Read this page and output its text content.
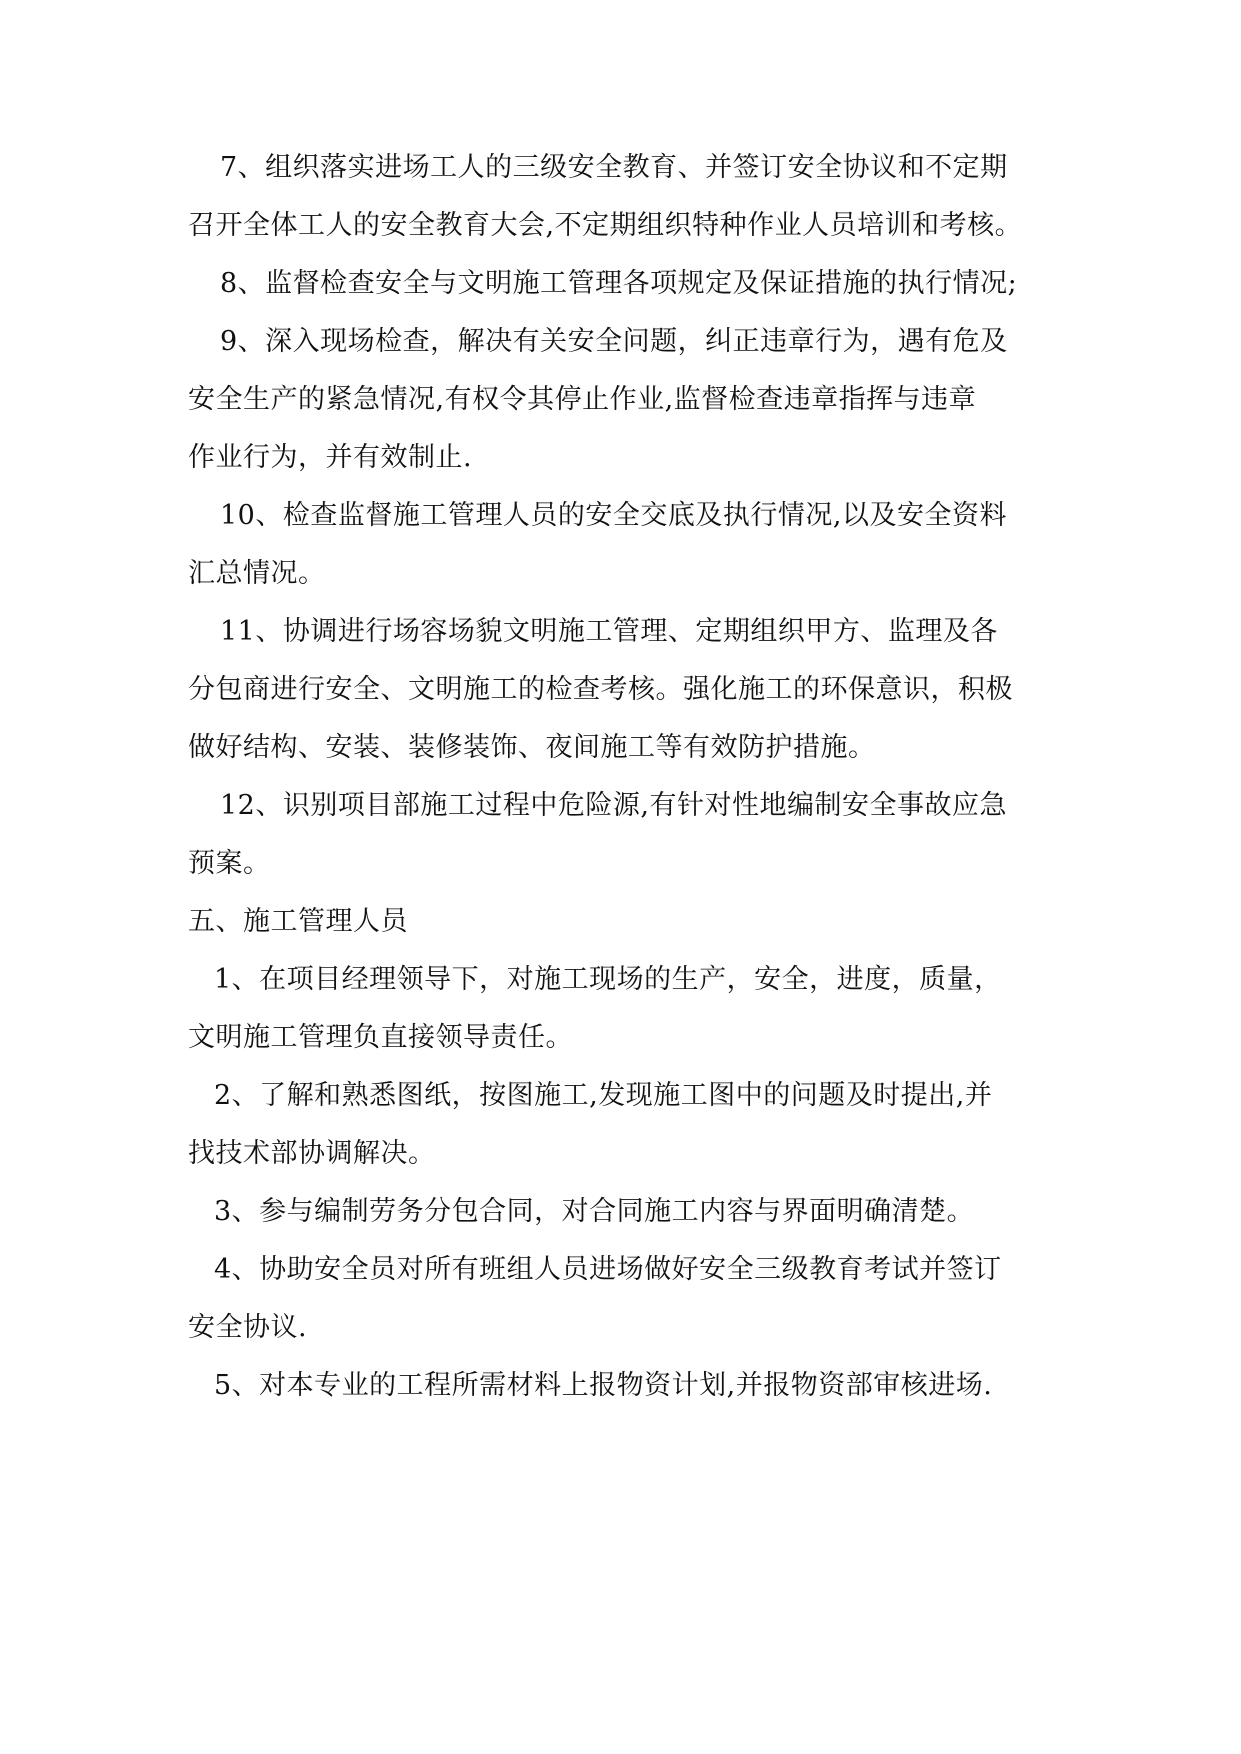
7、组织落实进场工人的三级安全教育、并签订安全协议和不定期
召开全体工人的安全教育大会,不定期组织特种作业人员培训和考核。
8、监督检查安全与文明施工管理各项规定及保证措施的执行情况;
9、深入现场检查，解决有关安全问题，纠正违章行为，遇有危及
安全生产的紧急情况,有权令其停止作业,监督检查违章指挥与违章
作业行为，并有效制止.
10、检查监督施工管理人员的安全交底及执行情况,以及安全资料
汇总情况。
11、协调进行场容场貌文明施工管理、定期组织甲方、监理及各
分包商进行安全、文明施工的检查考核。强化施工的环保意识，积极
做好结构、安装、装修装饰、夜间施工等有效防护措施。
12、识别项目部施工过程中危险源,有针对性地编制安全事故应急
预案。
五、施工管理人员
1、在项目经理领导下，对施工现场的生产，安全，进度，质量，
文明施工管理负直接领导责任。
2、了解和熟悉图纸，按图施工,发现施工图中的问题及时提出,并
找技术部协调解决。
3、参与编制劳务分包合同，对合同施工内容与界面明确清楚。
4、协助安全员对所有班组人员进场做好安全三级教育考试并签订
安全协议.
5、对本专业的工程所需材料上报物资计划,并报物资部审核进场.
